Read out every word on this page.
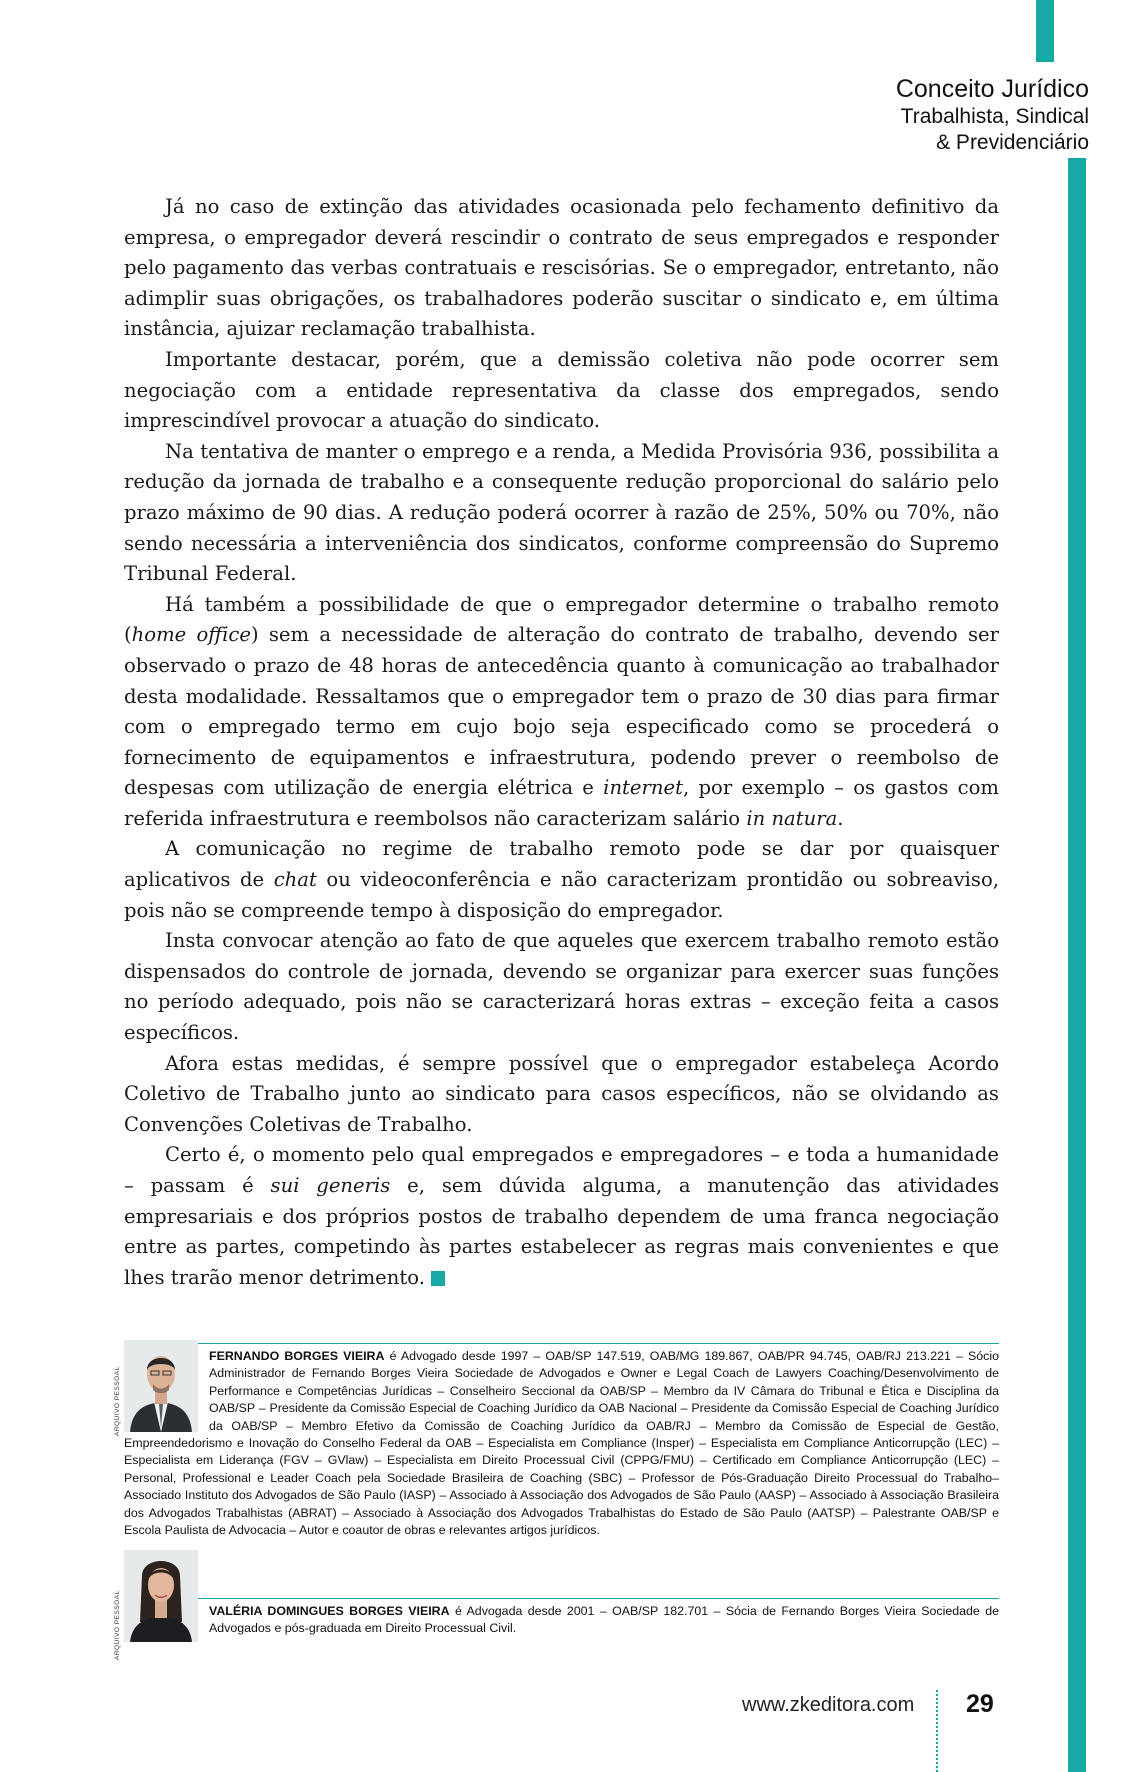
Conceito Jurídico
Trabalhista, Sindical
& Previdenciário

Já no caso de extinção das atividades ocasionada pelo fechamento definitivo da empresa, o empregador deverá rescindir o contrato de seus empregados e responder pelo pagamento das verbas contratuais e rescisórias. Se o empregador, entretanto, não adimplir suas obrigações, os trabalhadores poderão suscitar o sindicato e, em última instância, ajuizar reclamação trabalhista.

Importante destacar, porém, que a demissão coletiva não pode ocorrer sem negociação com a entidade representativa da classe dos empregados, sendo imprescindível provocar a atuação do sindicato.

Na tentativa de manter o emprego e a renda, a Medida Provisória 936, possibilita a redução da jornada de trabalho e a consequente redução proporcional do salário pelo prazo máximo de 90 dias. A redução poderá ocorrer à razão de 25%, 50% ou 70%, não sendo necessária a interveniência dos sindicatos, conforme compreensão do Supremo Tribunal Federal.

Há também a possibilidade de que o empregador determine o trabalho remoto (home office) sem a necessidade de alteração do contrato de trabalho, devendo ser observado o prazo de 48 horas de antecedência quanto à comunicação ao trabalhador desta modalidade. Ressaltamos que o empregador tem o prazo de 30 dias para firmar com o empregado termo em cujo bojo seja especificado como se procederá o fornecimento de equipamentos e infraestrutura, podendo prever o reembolso de despesas com utilização de energia elétrica e internet, por exemplo – os gastos com referida infraestrutura e reembolsos não caracterizam salário in natura.

A comunicação no regime de trabalho remoto pode se dar por quaisquer aplicativos de chat ou videoconferência e não caracterizam prontidão ou sobreaviso, pois não se compreende tempo à disposição do empregador.

Insta convocar atenção ao fato de que aqueles que exercem trabalho remoto estão dispensados do controle de jornada, devendo se organizar para exercer suas funções no período adequado, pois não se caracterizará horas extras – exceção feita a casos específicos.

Afora estas medidas, é sempre possível que o empregador estabeleça Acordo Coletivo de Trabalho junto ao sindicato para casos específicos, não se olvidando as Convenções Coletivas de Trabalho.

Certo é, o momento pelo qual empregados e empregadores – e toda a humanidade – passam é sui generis e, sem dúvida alguma, a manutenção das atividades empresariais e dos próprios postos de trabalho dependem de uma franca negociação entre as partes, competindo às partes estabelecer as regras mais convenientes e que lhes trarão menor detrimento.	ℤ

ARQUIVO PESSOAL
FERNANDO BORGES VIEIRA é Advogado desde 1997 – OAB/SP 147.519, OAB/MG 189.867, OAB/PR 94.745, OAB/RJ 213.221 – Sócio Administrador de Fernando Borges Vieira Sociedade de Advogados e Owner e Legal Coach de Lawyers Coaching/Desenvolvimento de Performance e Competências Jurídicas – Conselheiro Seccional da OAB/SP – Membro da IV Câmara do Tribunal e Ética e Disciplina da OAB/SP – Presidente da Comissão Especial de Coaching Jurídico da OAB Nacional – Presidente da Comissão Especial de Coaching Jurídico da OAB/SP – Membro Efetivo da Comissão de Coaching Jurídico da OAB/RJ – Membro da Comissão de Especial de Gestão, Empreendedorismo e Inovação do Conselho Federal da OAB – Especialista em Compliance (Insper) – Especialista em Compliance Anticorrupção (LEC) – Especialista em Liderança (FGV – GVlaw) – Especialista em Direito Processual Civil (CPPG/FMU) – Certificado em Compliance Anticorrupção (LEC) – Personal, Professional e Leader Coach pela Sociedade Brasileira de Coaching (SBC) – Professor de Pós-Graduação Direito Processual do Trabalho– Associado Instituto dos Advogados de São Paulo (IASP) – Associado à Associação dos Advogados de São Paulo (AASP) – Associado à Associação Brasileira dos Advogados Trabalhistas (ABRAT) – Associado à Associação dos Advogados Trabalhistas do Estado de São Paulo (AATSP) – Palestrante OAB/SP e Escola Paulista de Advocacia – Autor e coautor de obras e relevantes artigos jurídicos.
ARQUIVO PESSOAL	VALÉRIA DOMINGUES BORGES VIEIRA é Advogada desde 2001 – OAB/SP 182.701 – Sócia de Fernando Borges Vieira Sociedade de Advogados e pós-graduada em Direito Processual Civil.
www.zkeditora.com 29
